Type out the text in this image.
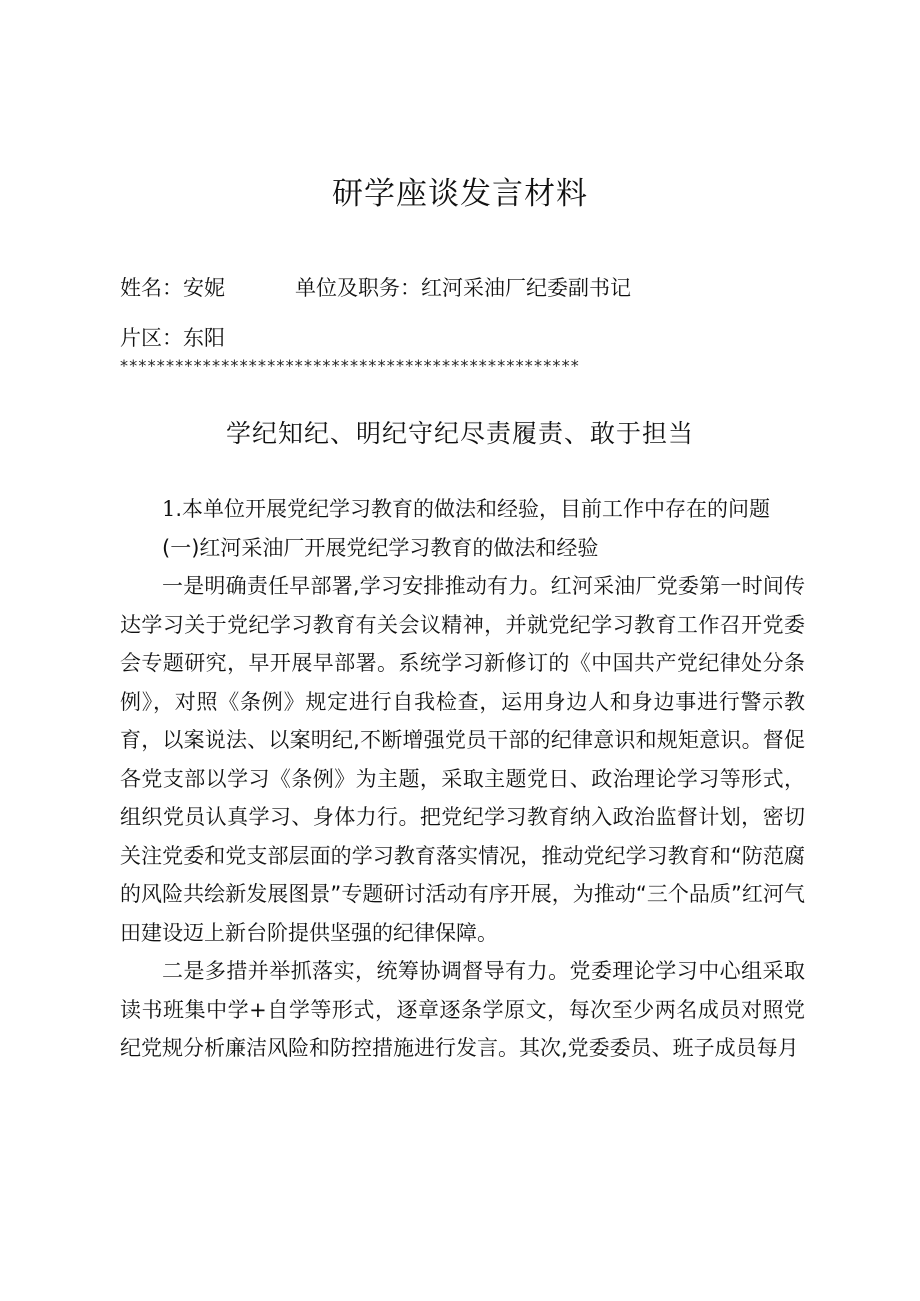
研学座谈发言材料
姓名：安妮	单位及职务：红河采油厂纪委副书记
片区：东阳
**************************************************
学纪知纪、明纪守纪尽责履责、敢于担当

1.本单位开展党纪学习教育的做法和经验，目前工作中存在的问题

(一)红河采油厂开展党纪学习教育的做法和经验

一是明确责任早部署,学习安排推动有力。红河采油厂党委第一时间传达学习关于党纪学习教育有关会议精神，并就党纪学习教育工作召开党委会专题研究，早开展早部署。系统学习新修订的《中国共产党纪律处分条例》，对照《条例》规定进行自我检查，运用身边人和身边事进行警示教育，以案说法、以案明纪,不断增强党员干部的纪律意识和规矩意识。督促各党支部以学习《条例》为主题，采取主题党日、政治理论学习等形式，组织党员认真学习、身体力行。把党纪学习教育纳入政治监督计划，密切关注党委和党支部层面的学习教育落实情况，推动党纪学习教育和“防范腐的风险共绘新发展图景”专题研讨活动有序开展，为推动“三个品质”红河气田建设迈上新台阶提供坚强的纪律保障。

二是多措并举抓落实，统筹协调督导有力。党委理论学习中心组采取读书班集中学+自学等形式，逐章逐条学原文，每次至少两名成员对照党纪党规分析廉洁风险和防控措施进行发言。其次,党委委员、班子成员每月
